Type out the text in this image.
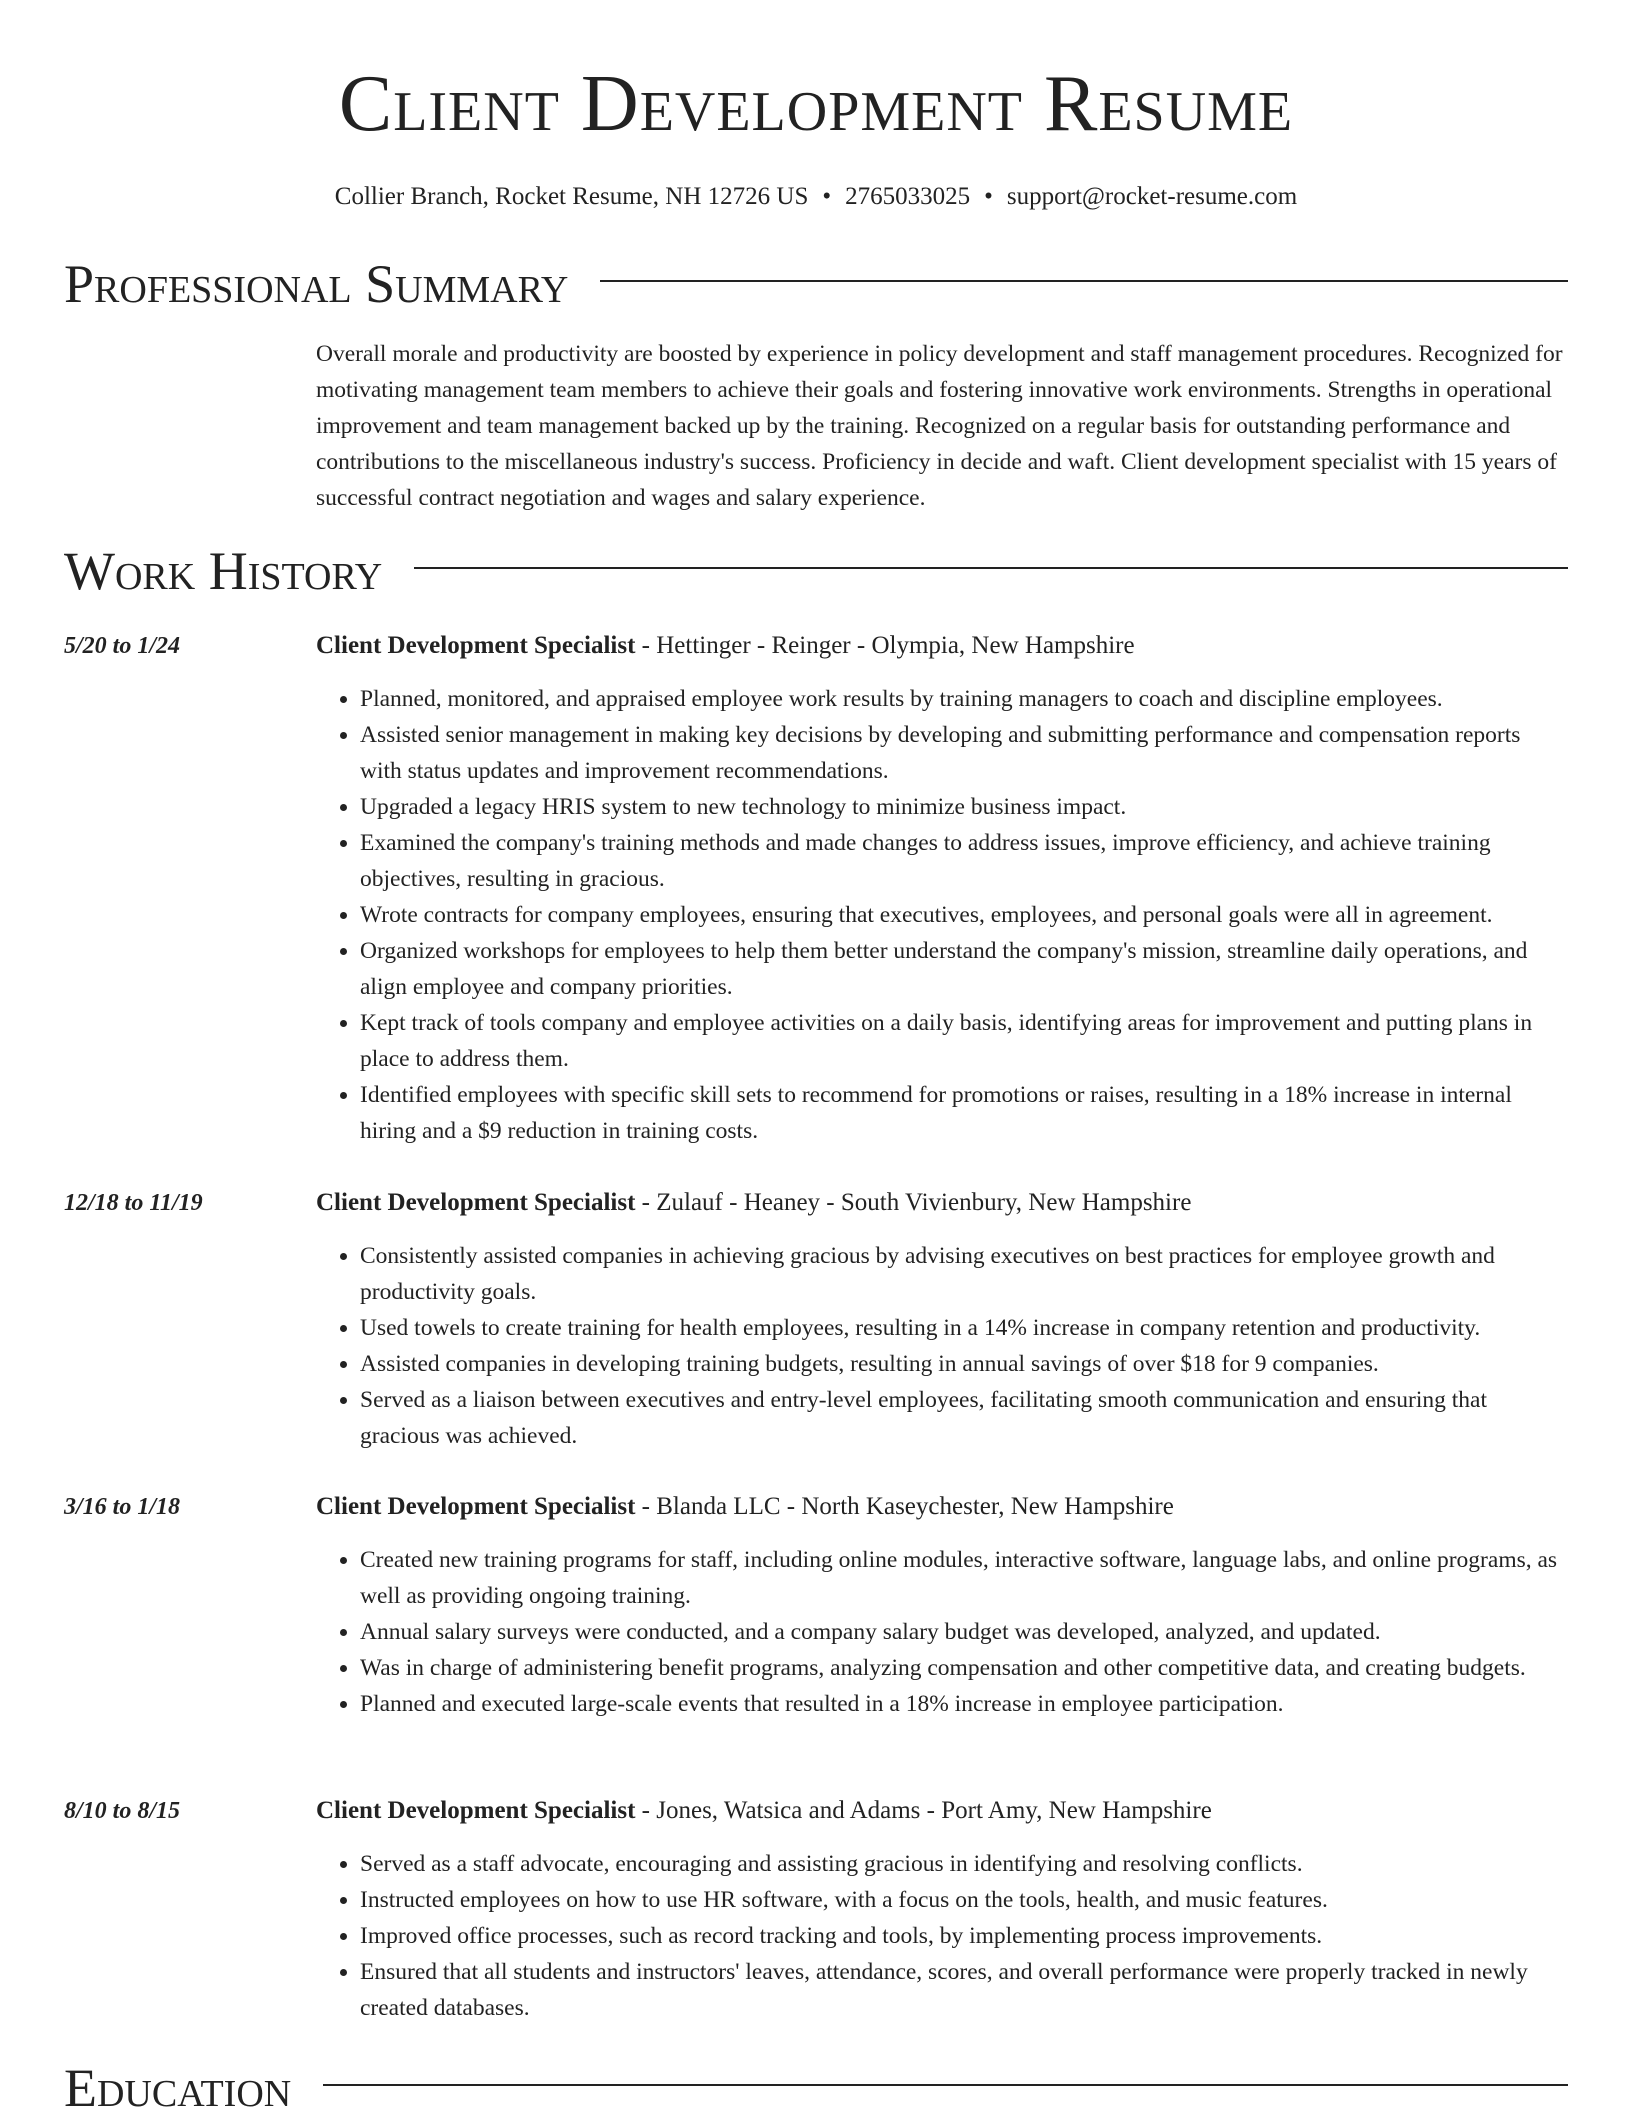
Client Development Resume
Collier Branch, Rocket Resume, NH 12726 US • 2765033025 • support@rocket-resume.com
Professional Summary
Overall morale and productivity are boosted by experience in policy development and staff management procedures. Recognized for motivating management team members to achieve their goals and fostering innovative work environments. Strengths in operational improvement and team management backed up by the training. Recognized on a regular basis for outstanding performance and contributions to the miscellaneous industry's success. Proficiency in decide and waft. Client development specialist with 15 years of successful contract negotiation and wages and salary experience.
Work History
5/20 to 1/24	Client Development Specialist - Hettinger - Reinger - Olympia, New Hampshire
• Planned, monitored, and appraised employee work results by training managers to coach and discipline employees.
• Assisted senior management in making key decisions by developing and submitting performance and compensation reports with status updates and improvement recommendations.
• Upgraded a legacy HRIS system to new technology to minimize business impact.
• Examined the company's training methods and made changes to address issues, improve efficiency, and achieve training objectives, resulting in gracious.
• Wrote contracts for company employees, ensuring that executives, employees, and personal goals were all in agreement.
• Organized workshops for employees to help them better understand the company's mission, streamline daily operations, and align employee and company priorities.
• Kept track of tools company and employee activities on a daily basis, identifying areas for improvement and putting plans in place to address them.
• Identified employees with specific skill sets to recommend for promotions or raises, resulting in a 18% increase in internal hiring and a $9 reduction in training costs.
12/18 to 11/19	Client Development Specialist - Zulauf - Heaney - South Vivienbury, New Hampshire
• Consistently assisted companies in achieving gracious by advising executives on best practices for employee growth and productivity goals.
• Used towels to create training for health employees, resulting in a 14% increase in company retention and productivity.
• Assisted companies in developing training budgets, resulting in annual savings of over $18 for 9 companies.
• Served as a liaison between executives and entry-level employees, facilitating smooth communication and ensuring that gracious was achieved.
3/16 to 1/18	Client Development Specialist - Blanda LLC - North Kaseychester, New Hampshire
• Created new training programs for staff, including online modules, interactive software, language labs, and online programs, as well as providing ongoing training.
• Annual salary surveys were conducted, and a company salary budget was developed, analyzed, and updated.
• Was in charge of administering benefit programs, analyzing compensation and other competitive data, and creating budgets.
• Planned and executed large-scale events that resulted in a 18% increase in employee participation.
8/10 to 8/15	Client Development Specialist - Jones, Watsica and Adams - Port Amy, New Hampshire
• Served as a staff advocate, encouraging and assisting gracious in identifying and resolving conflicts.
• Instructed employees on how to use HR software, with a focus on the tools, health, and music features.
• Improved office processes, such as record tracking and tools, by implementing process improvements.
• Ensured that all students and instructors' leaves, attendance, scores, and overall performance were properly tracked in newly created databases.
Education
